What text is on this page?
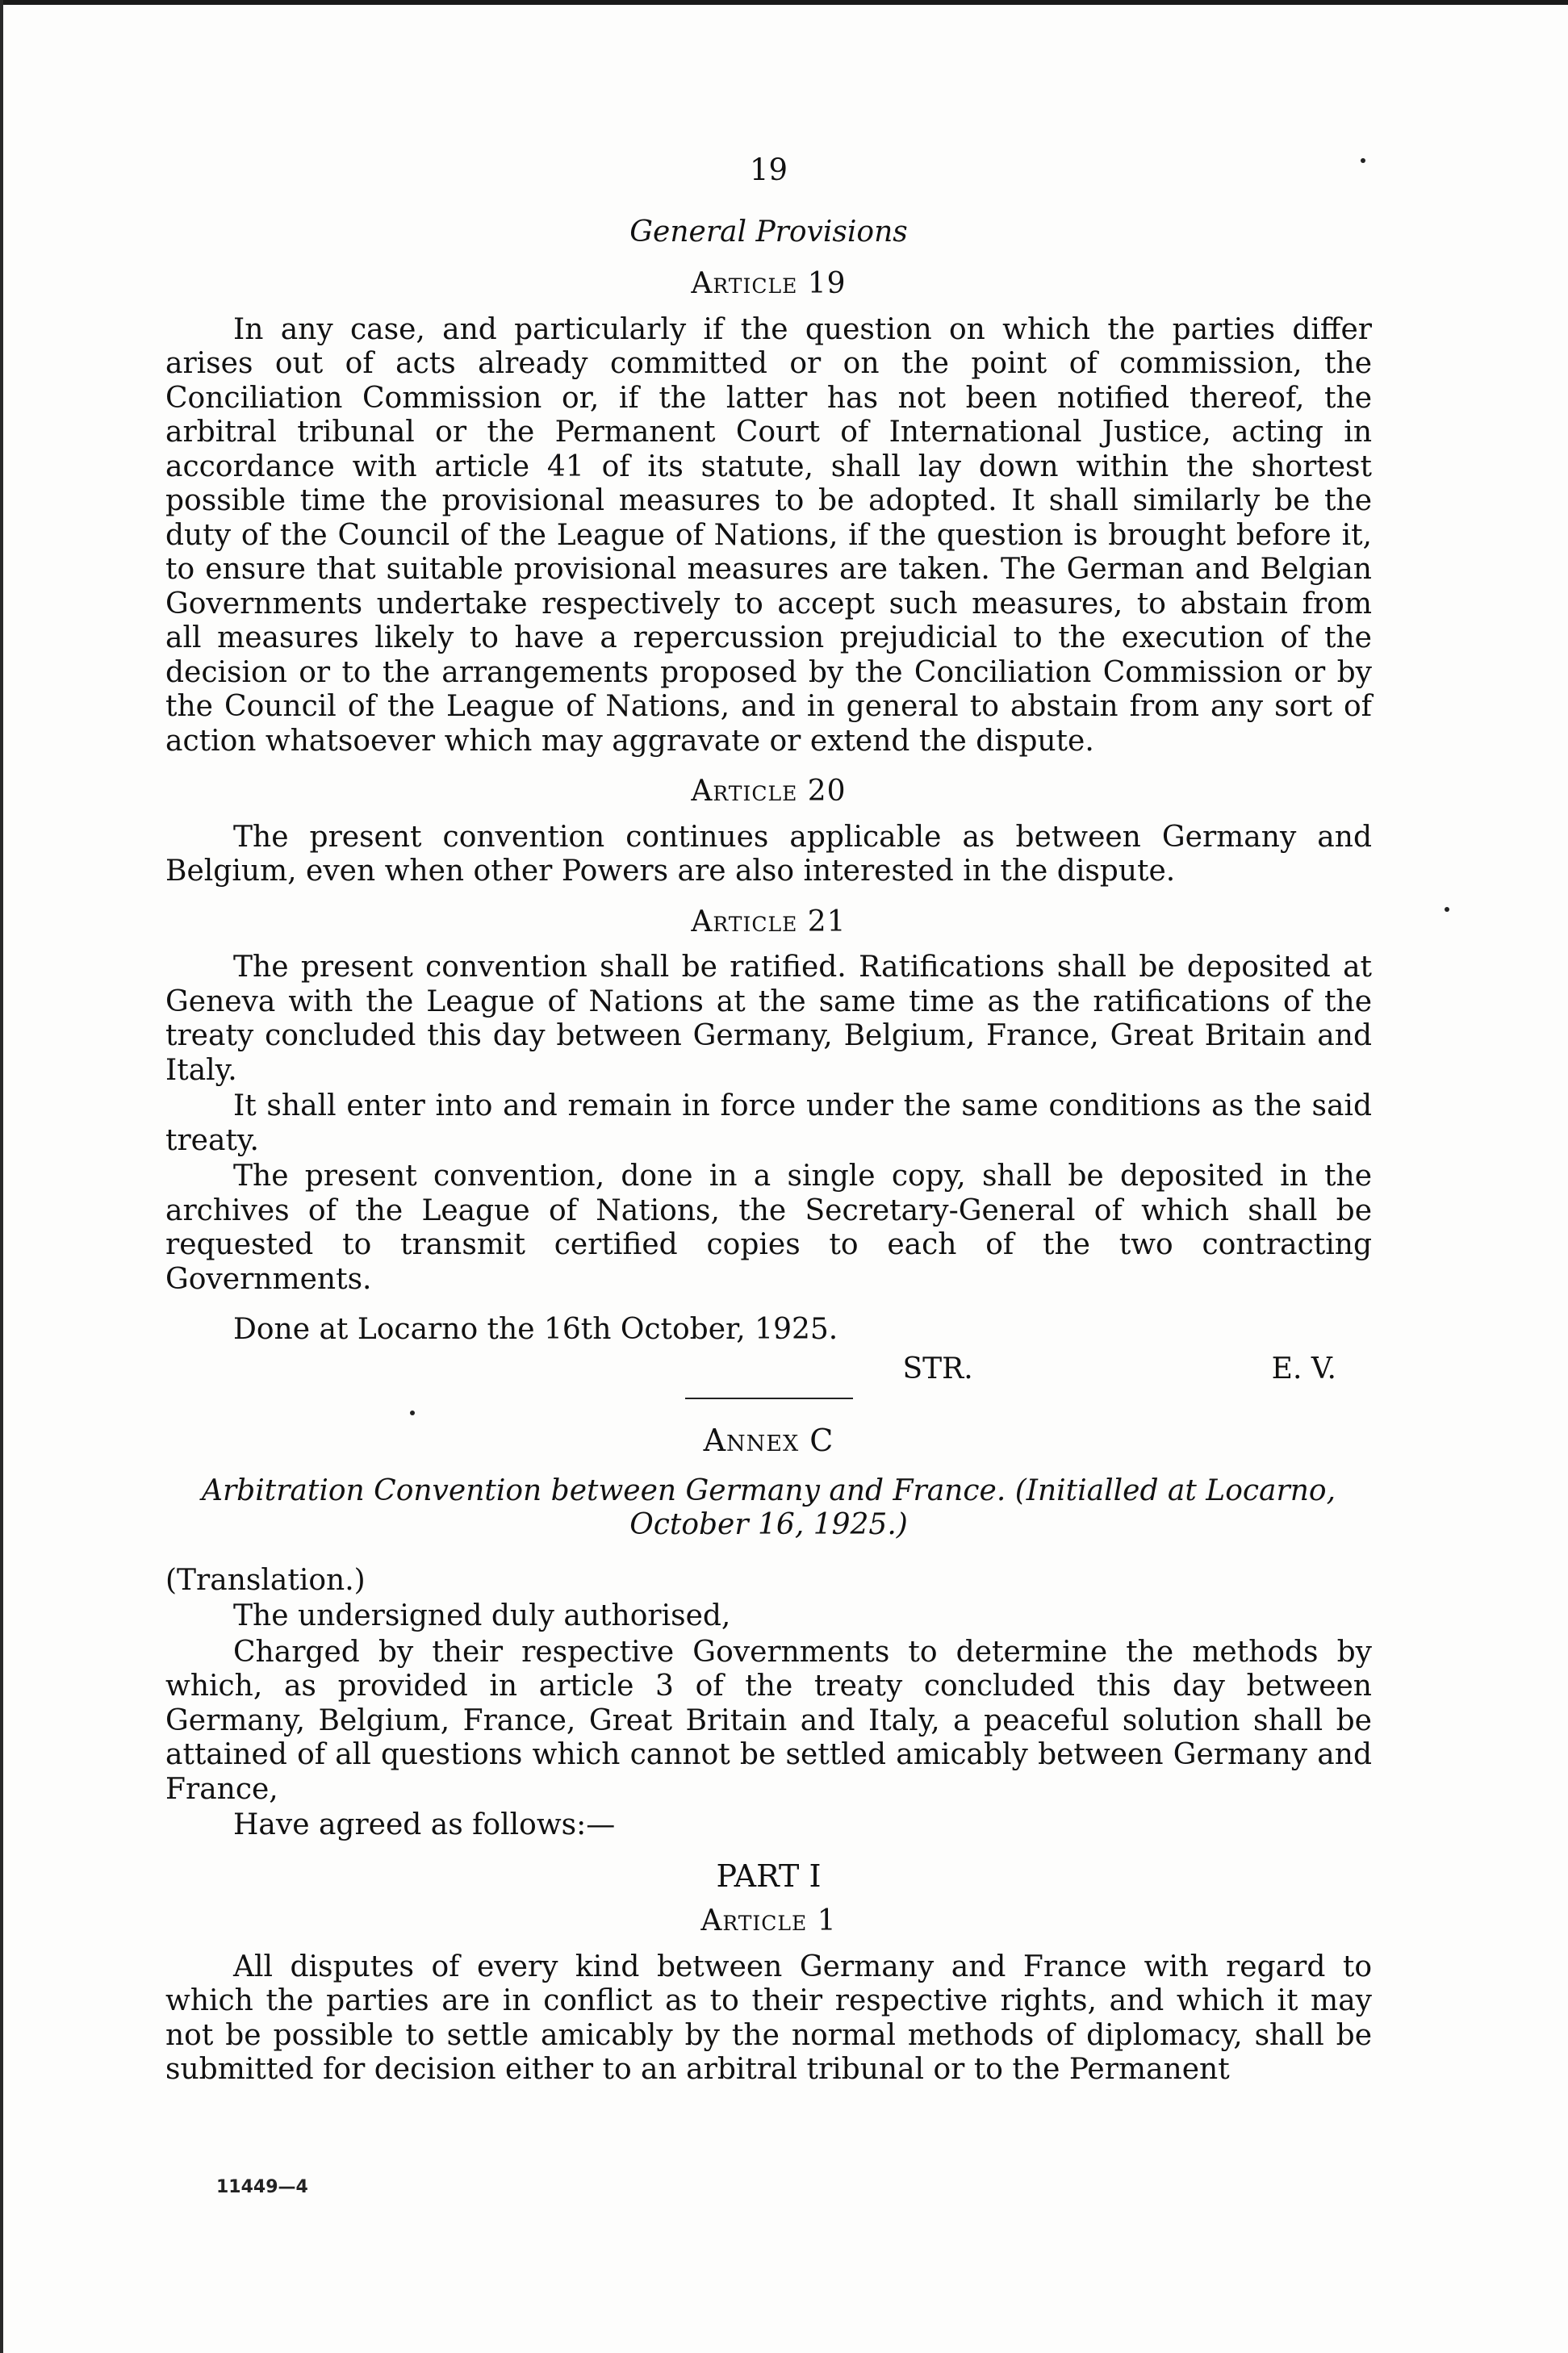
19
General Provisions
Article 19

In any case, and particularly if the question on which the parties differ arises out of acts already committed or on the point of commission, the Conciliation Commission or, if the latter has not been notified thereof, the arbitral tribunal or the Permanent Court of International Justice, acting in accordance with article 41 of its statute, shall lay down within the shortest possible time the provisional measures to be adopted. It shall similarly be the duty of the Council of the League of Nations, if the question is brought before it, to ensure that suitable provisional measures are taken. The German and Belgian Governments undertake respectively to accept such measures, to abstain from all measures likely to have a repercussion prejudicial to the execution of the decision or to the arrangements proposed by the Conciliation Commission or by the Council of the League of Nations, and in general to abstain from any sort of action whatsoever which may aggravate or extend the dispute.

Article 20

The present convention continues applicable as between Germany and Belgium, even when other Powers are also interested in the dispute.

Article 21

The present convention shall be ratified. Ratifications shall be deposited at Geneva with the League of Nations at the same time as the ratifications of the treaty concluded this day between Germany, Belgium, France, Great Britain and Italy.

It shall enter into and remain in force under the same conditions as the said treaty.

The present convention, done in a single copy, shall be deposited in the archives of the League of Nations, the Secretary-General of which shall be requested to transmit certified copies to each of the two contracting Governments.

Done at Locarno the 16th October, 1925.

STR.	E. V.
Annex C
Arbitration Convention between Germany and France. (Initialled at Locarno,
October 16, 1925.)

(Translation.)

The undersigned duly authorised,

Charged by their respective Governments to determine the methods by which, as provided in article 3 of the treaty concluded this day between Germany, Belgium, France, Great Britain and Italy, a peaceful solution shall be attained of all questions which cannot be settled amicably between Germany and France,

Have agreed as follows:—

PART I
Article 1

All disputes of every kind between Germany and France with regard to which the parties are in conflict as to their respective rights, and which it may not be possible to settle amicably by the normal methods of diplomacy, shall be submitted for decision either to an arbitral tribunal or to the Permanent

11449—4
